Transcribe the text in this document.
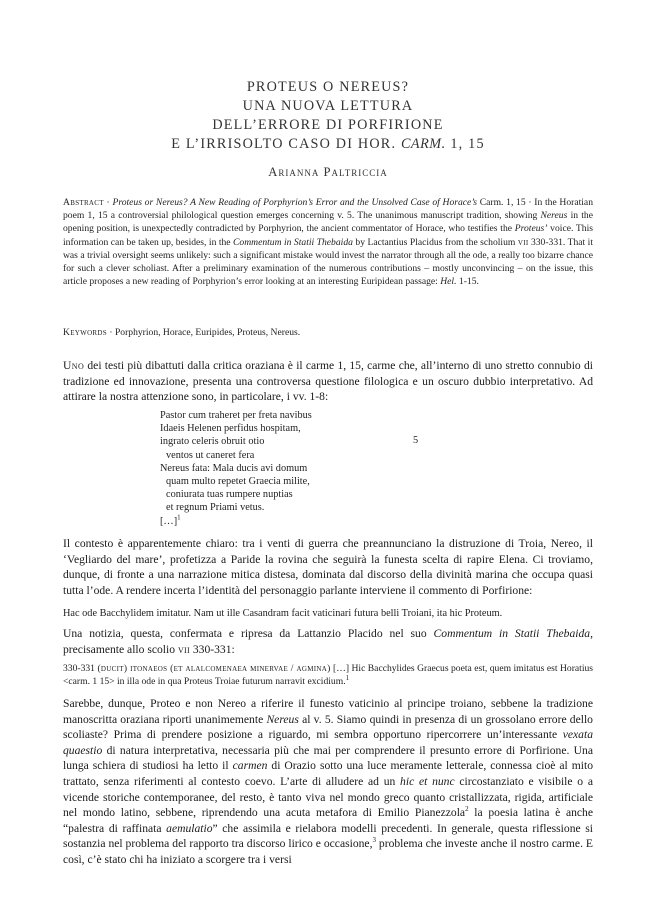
PROTEUS O NEREUS?
UNA NUOVA LETTURA
DELL’ERRORE DI PORFIRIONE
E L’IRRISOLTO CASO DI HOR. CARM. 1, 15
Arianna Paltriccia
Abstract · Proteus or Nereus? A New Reading of Porphyrion’s Error and the Unsolved Case of Horace’s Carm. 1, 15 · In the Horatian poem 1, 15 a controversial philological question emerges concerning v. 5. The unanimous manuscript tradition, showing Nereus in the opening position, is unexpectedly contradicted by Porphyrion, the ancient commentator of Horace, who testifies the Proteus’ voice. This information can be taken up, besides, in the Commentum in Statii Thebaida by Lactantius Placidus from the scholium vii 330-331. That it was a trivial oversight seems unlikely: such a significant mistake would invest the narrator through all the ode, a really too bizarre chance for such a clever scholiast. After a preliminary examination of the numerous contributions – mostly unconvincing – on the issue, this article proposes a new reading of Porphyrion’s error looking at an interesting Euripidean passage: Hel. 1-15.
Keywords · Porphyrion, Horace, Euripides, Proteus, Nereus.
Uno dei testi più dibattuti dalla critica oraziana è il carme 1, 15, carme che, all’interno di uno stretto connubio di tradizione ed innovazione, presenta una controversa questione filologica e un oscuro dubbio interpretativo. Ad attirare la nostra attenzione sono, in particolare, i vv. 1-8:
Pastor cum traheret per freta navibus
Idaeis Helenen perfidus hospitam,
ingrato celeris obruit otio
ventos ut caneret fera
Nereus fata: Mala ducis avi domum
quam multo repetet Graecia milite,
coniurata tuas rumpere nuptias
et regnum Priami vetus.
[…]$^1$
5
Il contesto è apparentemente chiaro: tra i venti di guerra che preannunciano la distruzione di Troia, Nereo, il ‘Vegliardo del mare’, profetizza a Paride la rovina che seguirà la funesta scelta di rapire Elena. Ci troviamo, dunque, di fronte a una narrazione mitica distesa, dominata dal discorso della divinità marina che occupa quasi tutta l’ode. A rendere incerta l’identità del personaggio parlante interviene il commento di Porfirione:
Hac ode Bacchylidem imitatur. Nam ut ille Casandram facit vaticinari futura belli Troiani, ita hic Proteum.
Una notizia, questa, confermata e ripresa da Lattanzio Placido nel suo Commentum in Statii Thebaida, precisamente allo scolio vii 330-331:
330-331 (ducit) itonaeos (et alalcomenaea minervae / agmina) […] Hic Bacchylides Graecus poeta est, quem imitatus est Horatius <carm. 1 15> in illa ode in qua Proteus Troiae futurum narravit excidium.$^1$
Sarebbe, dunque, Proteo e non Nereo a riferire il funesto vaticinio al principe troiano, sebbene la tradizione manoscritta oraziana riporti unanimemente Nereus al v. 5. Siamo quindi in presenza di un grossolano errore dello scoliaste? Prima di prendere posizione a riguardo, mi sembra opportuno ripercorrere un’interessante vexata quaestio di natura interpretativa, necessaria più che mai per comprendere il presunto errore di Porfirione. Una lunga schiera di studiosi ha letto il carmen di Orazio sotto una luce meramente letterale, connessa cioè al mito trattato, senza riferimenti al contesto coevo. L’arte di alludere ad un hic et nunc circostanziato e visibile o a vicende storiche contemporanee, del resto, è tanto viva nel mondo greco quanto cristallizzata, rigida, artificiale nel mondo latino, sebbene, riprendendo una acuta metafora di Emilio Pianezzola$^2$ la poesia latina è anche “palestra di raffinata aemulatio” che assimila e rielabora modelli precedenti. In generale, questa riflessione si sostanzia nel problema del rapporto tra discorso lirico e occasione,$^3$ problema che investe anche il nostro carme. E così, c’è stato chi ha iniziato a scorgere tra i versi
